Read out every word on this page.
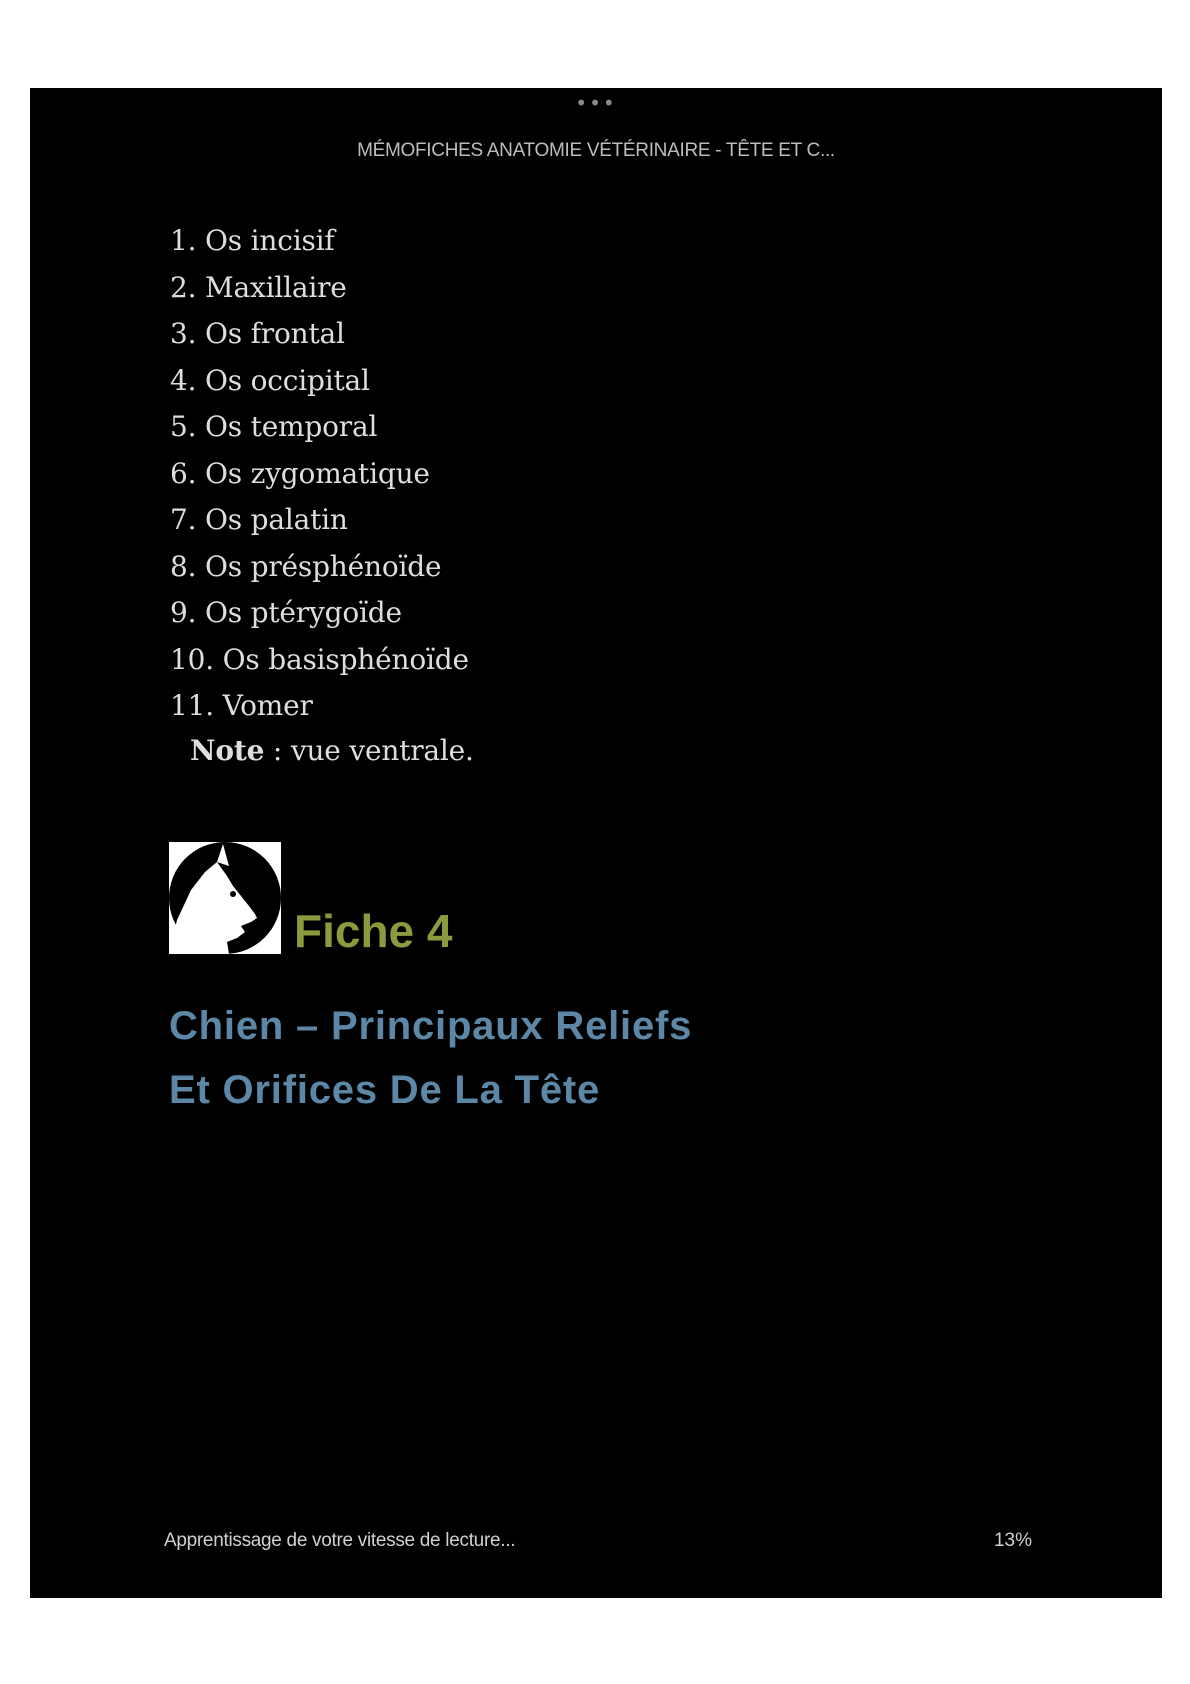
•••
MÉMOFICHES ANATOMIE VÉTÉRINAIRE - TÊTE ET C...
1. Os incisif
2. Maxillaire
3. Os frontal
4. Os occipital
5. Os temporal
6. Os zygomatique
7. Os palatin
8. Os présphénoïde
9. Os ptérygoïde
10. Os basisphénoïde
11. Vomer
Note : vue ventrale.
Fiche 4
Chien – Principaux Reliefs
Et Orifices De La Tête
Apprentissage de votre vitesse de lecture...	13%
